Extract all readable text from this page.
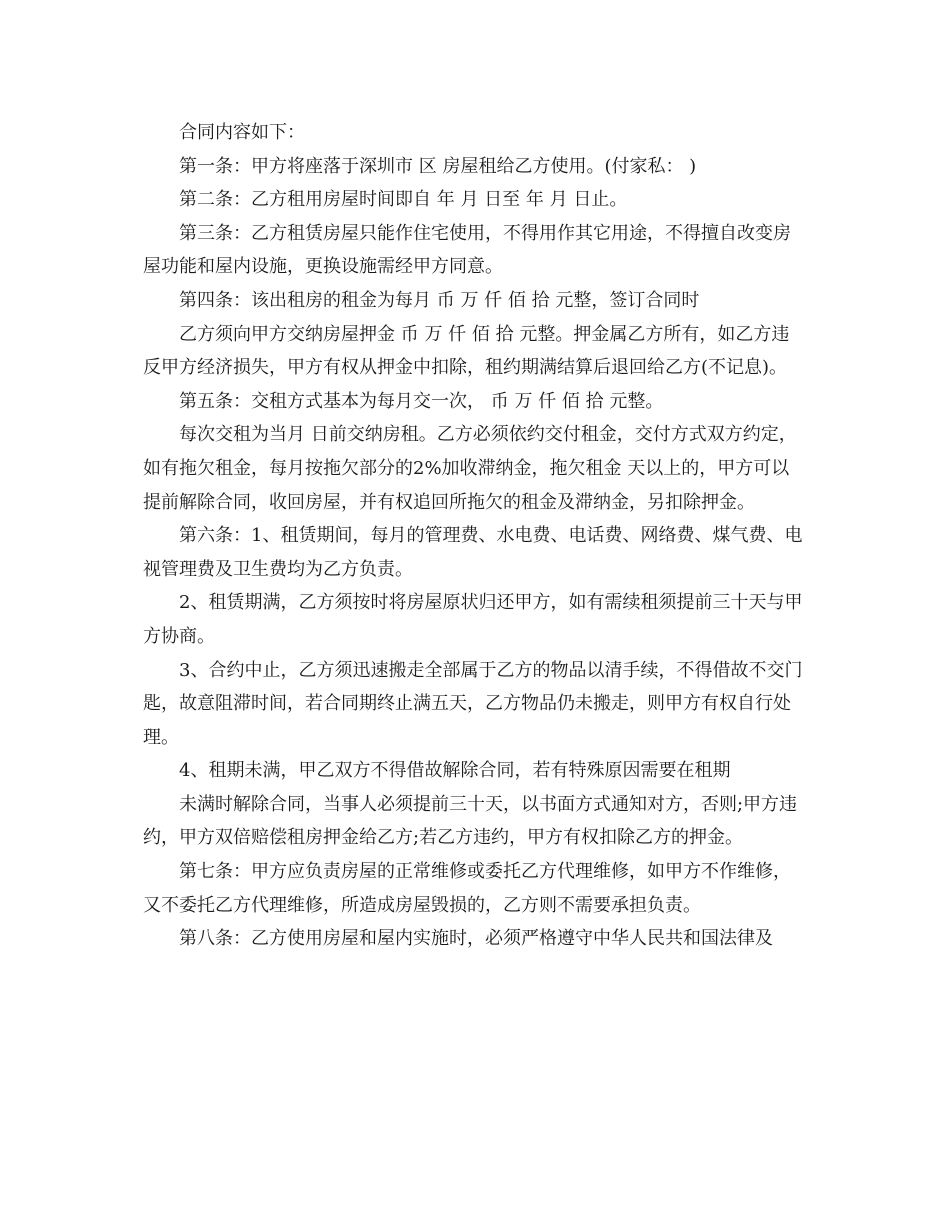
合同内容如下：

第一条：甲方将座落于深圳市 区 房屋租给乙方使用。(付家私： )

第二条：乙方租用房屋时间即自 年 月 日至 年 月 日止。

第三条：乙方租赁房屋只能作住宅使用，不得用作其它用途，不得擅自改变房屋功能和屋内设施，更换设施需经甲方同意。

第四条：该出租房的租金为每月 币 万 仟 佰 拾 元整，签订合同时

乙方须向甲方交纳房屋押金 币 万 仟 佰 拾 元整。押金属乙方所有，如乙方违反甲方经济损失，甲方有权从押金中扣除，租约期满结算后退回给乙方(不记息)。

第五条：交租方式基本为每月交一次， 币 万 仟 佰 拾 元整。

每次交租为当月 日前交纳房租。乙方必须依约交付租金，交付方式双方约定，如有拖欠租金，每月按拖欠部分的2%加收滞纳金，拖欠租金 天以上的，甲方可以提前解除合同，收回房屋，并有权追回所拖欠的租金及滞纳金，另扣除押金。

第六条：1、租赁期间，每月的管理费、水电费、电话费、网络费、煤气费、电视管理费及卫生费均为乙方负责。

2、租赁期满，乙方须按时将房屋原状归还甲方，如有需续租须提前三十天与甲方协商。

3、合约中止，乙方须迅速搬走全部属于乙方的物品以清手续，不得借故不交门匙，故意阻滞时间，若合同期终止满五天，乙方物品仍未搬走，则甲方有权自行处理。

4、租期未满，甲乙双方不得借故解除合同，若有特殊原因需要在租期

未满时解除合同，当事人必须提前三十天，以书面方式通知对方，否则;甲方违约，甲方双倍赔偿租房押金给乙方;若乙方违约，甲方有权扣除乙方的押金。

第七条：甲方应负责房屋的正常维修或委托乙方代理维修，如甲方不作维修，又不委托乙方代理维修，所造成房屋毁损的，乙方则不需要承担负责。

第八条：乙方使用房屋和屋内实施时，必须严格遵守中华人民共和国法律及
